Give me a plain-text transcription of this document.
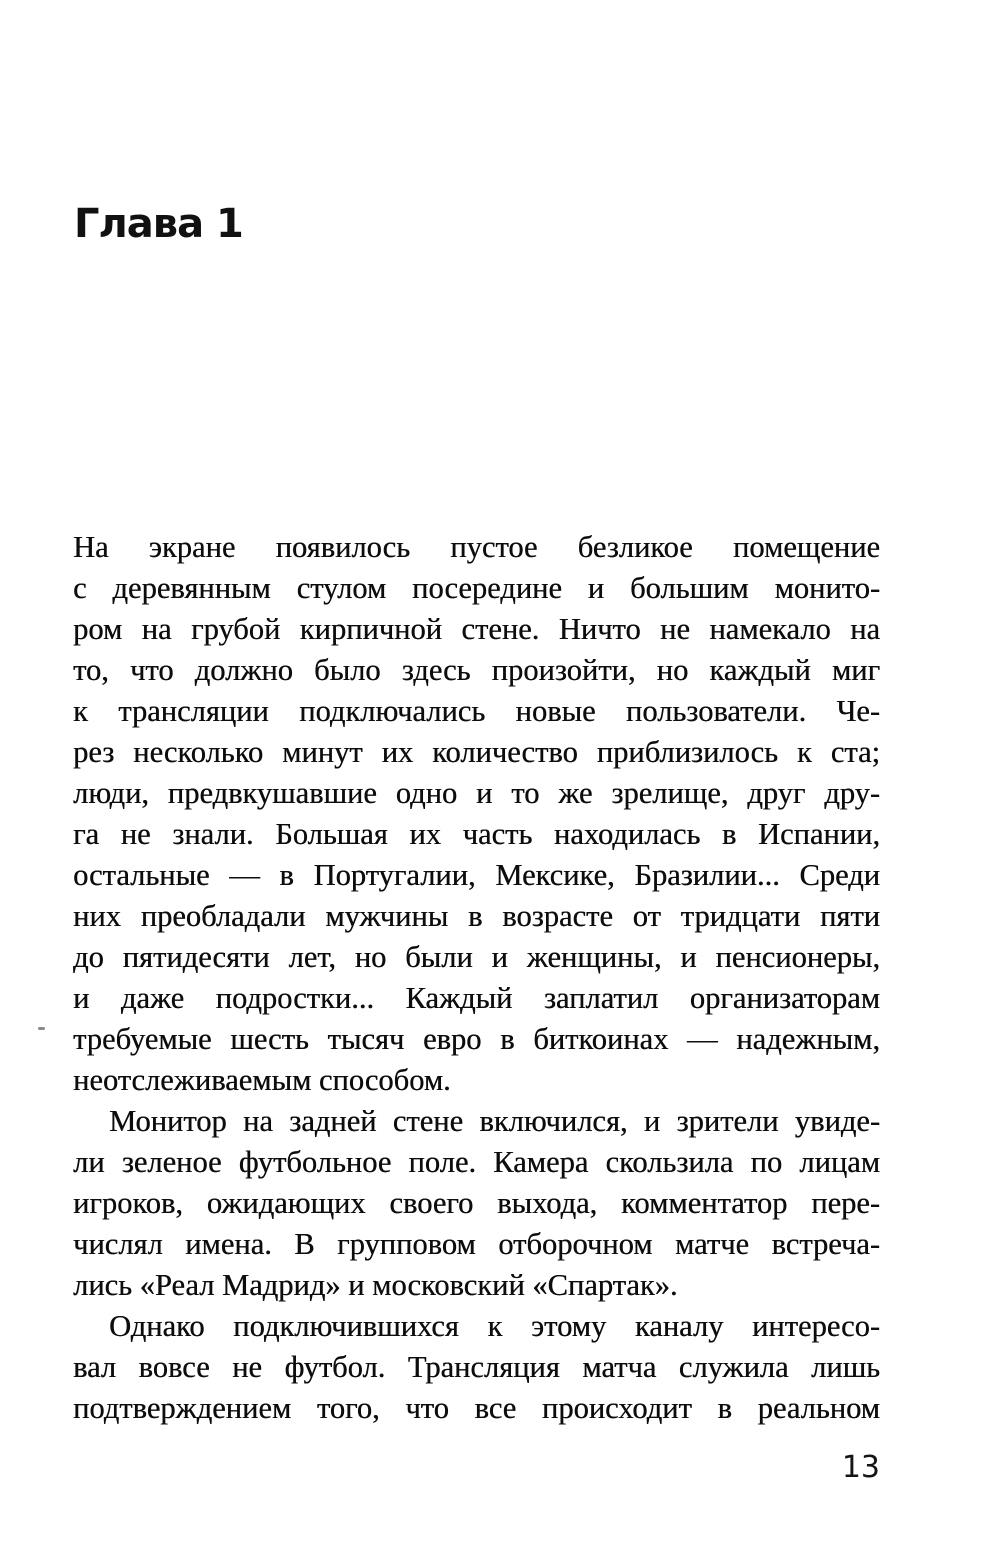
Глава 1
На экране появилось пустое безликое помещение
с деревянным стулом посередине и большим монито-
ром на грубой кирпичной стене. Ничто не намекало на
то, что должно было здесь произойти, но каждый миг
к трансляции подключались новые пользователи. Че-
рез несколько минут их количество приблизилось к ста;
люди, предвкушавшие одно и то же зрелище, друг дру-
га не знали. Большая их часть находилась в Испании,
остальные — в Португалии, Мексике, Бразилии... Среди
них преобладали мужчины в возрасте от тридцати пяти
до пятидесяти лет, но были и женщины, и пенсионеры,
и даже подростки... Каждый заплатил организаторам
требуемые шесть тысяч евро в биткоинах — надежным,
неотслеживаемым способом.
Монитор на задней стене включился, и зрители увиде-
ли зеленое футбольное поле. Камера скользила по лицам
игроков, ожидающих своего выхода, комментатор пере-
числял имена. В групповом отборочном матче встреча-
лись «Реал Мадрид» и московский «Спартак».
Однако подключившихся к этому каналу интересо-
вал вовсе не футбол. Трансляция матча служила лишь
подтверждением того, что все происходит в реальном
13
